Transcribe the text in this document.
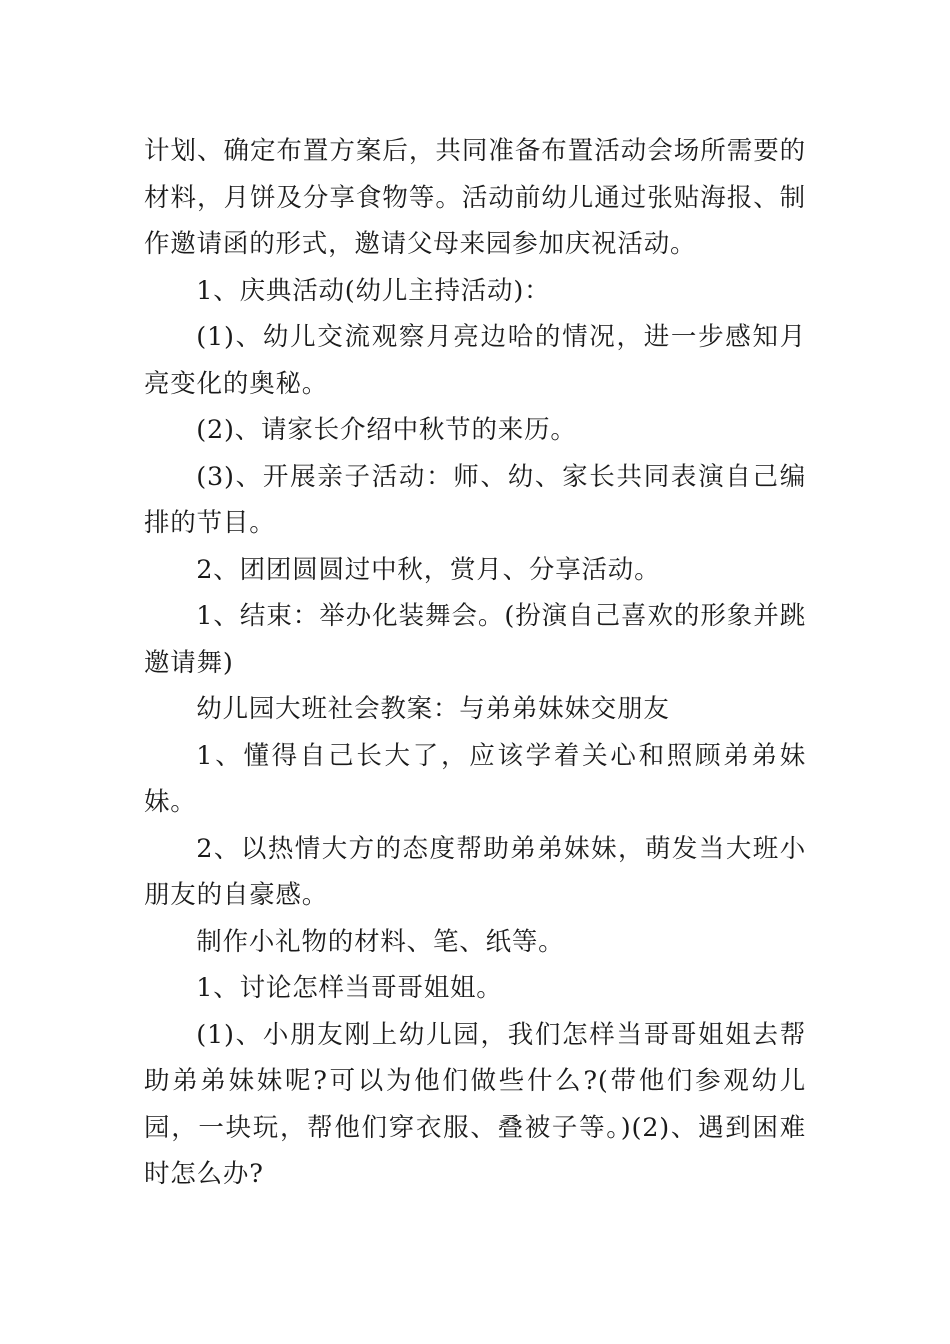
计划、确定布置方案后，共同准备布置活动会场所需要的材料，月饼及分享食物等。活动前幼儿通过张贴海报、制作邀请函的形式，邀请父母来园参加庆祝活动。

1、庆典活动(幼儿主持活动)：

(1)、幼儿交流观察月亮边哈的情况，进一步感知月亮变化的奥秘。

(2)、请家长介绍中秋节的来历。

(3)、开展亲子活动：师、幼、家长共同表演自己编排的节目。

2、团团圆圆过中秋，赏月、分享活动。

1、结束：举办化装舞会。(扮演自己喜欢的形象并跳邀请舞)

幼儿园大班社会教案：与弟弟妹妹交朋友

1、懂得自己长大了，应该学着关心和照顾弟弟妹妹。

2、以热情大方的态度帮助弟弟妹妹，萌发当大班小朋友的自豪感。

制作小礼物的材料、笔、纸等。

1、讨论怎样当哥哥姐姐。

(1)、小朋友刚上幼儿园，我们怎样当哥哥姐姐去帮助弟弟妹妹呢?可以为他们做些什么?(带他们参观幼儿园，一块玩，帮他们穿衣服、叠被子等。)(2)、遇到困难时怎么办?
